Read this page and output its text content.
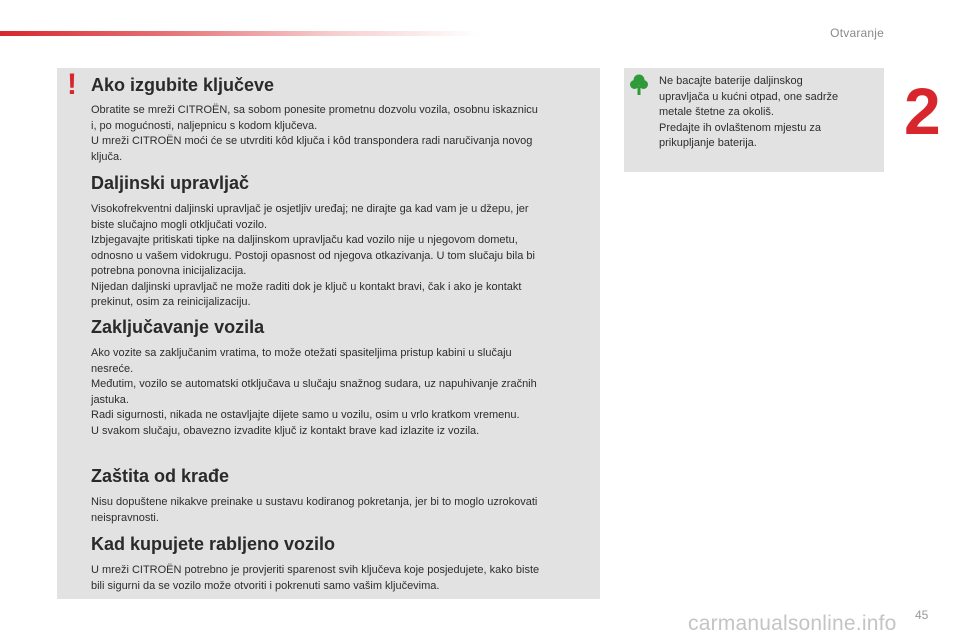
Otvaranje
2
! Ako izgubite ključeve

Obratite se mreži CITROËN, sa sobom ponesite prometnu dozvolu vozila, osobnu iskaznicu

i, po mogućnosti, naljepnicu s kodom ključeva.

U mreži CITROËN moći će se utvrditi kôd ključa i kôd transpondera radi naručivanja novog

ključa.

Daljinski upravljač

Visokofrekventni daljinski upravljač je osjetljiv uređaj; ne dirajte ga kad vam je u džepu, jer

biste slučajno mogli otključati vozilo.

Izbjegavajte pritiskati tipke na daljinskom upravljaču kad vozilo nije u njegovom dometu,

odnosno u vašem vidokrugu. Postoji opasnost od njegova otkazivanja. U tom slučaju bila bi

potrebna ponovna inicijalizacija.

Nijedan daljinski upravljač ne može raditi dok je ključ u kontakt bravi, čak i ako je kontakt

prekinut, osim za reinicijalizaciju.

Zaključavanje vozila

Ako vozite sa zaključanim vratima, to može otežati spasiteljima pristup kabini u slučaju

nesreće.

Međutim, vozilo se automatski otključava u slučaju snažnog sudara, uz napuhivanje zračnih

jastuka.

Radi sigurnosti, nikada ne ostavljajte dijete samo u vozilu, osim u vrlo kratkom vremenu.

U svakom slučaju, obavezno izvadite ključ iz kontakt brave kad izlazite iz vozila.

Zaštita od krađe

Nisu dopuštene nikakve preinake u sustavu kodiranog pokretanja, jer bi to moglo uzrokovati

neispravnosti.

Kad kupujete rabljeno vozilo

U mreži CITROËN potrebno je provjeriti sparenost svih ključeva koje posjedujete, kako biste

bili sigurni da se vozilo može otvoriti i pokrenuti samo vašim ključevima.

Ne bacajte baterije daljinskog

upravljača u kućni otpad, one sadrže

metale štetne za okoliš.

Predajte ih ovlaštenom mjestu za

prikupljanje baterija.

carmanualsonline.info 45
